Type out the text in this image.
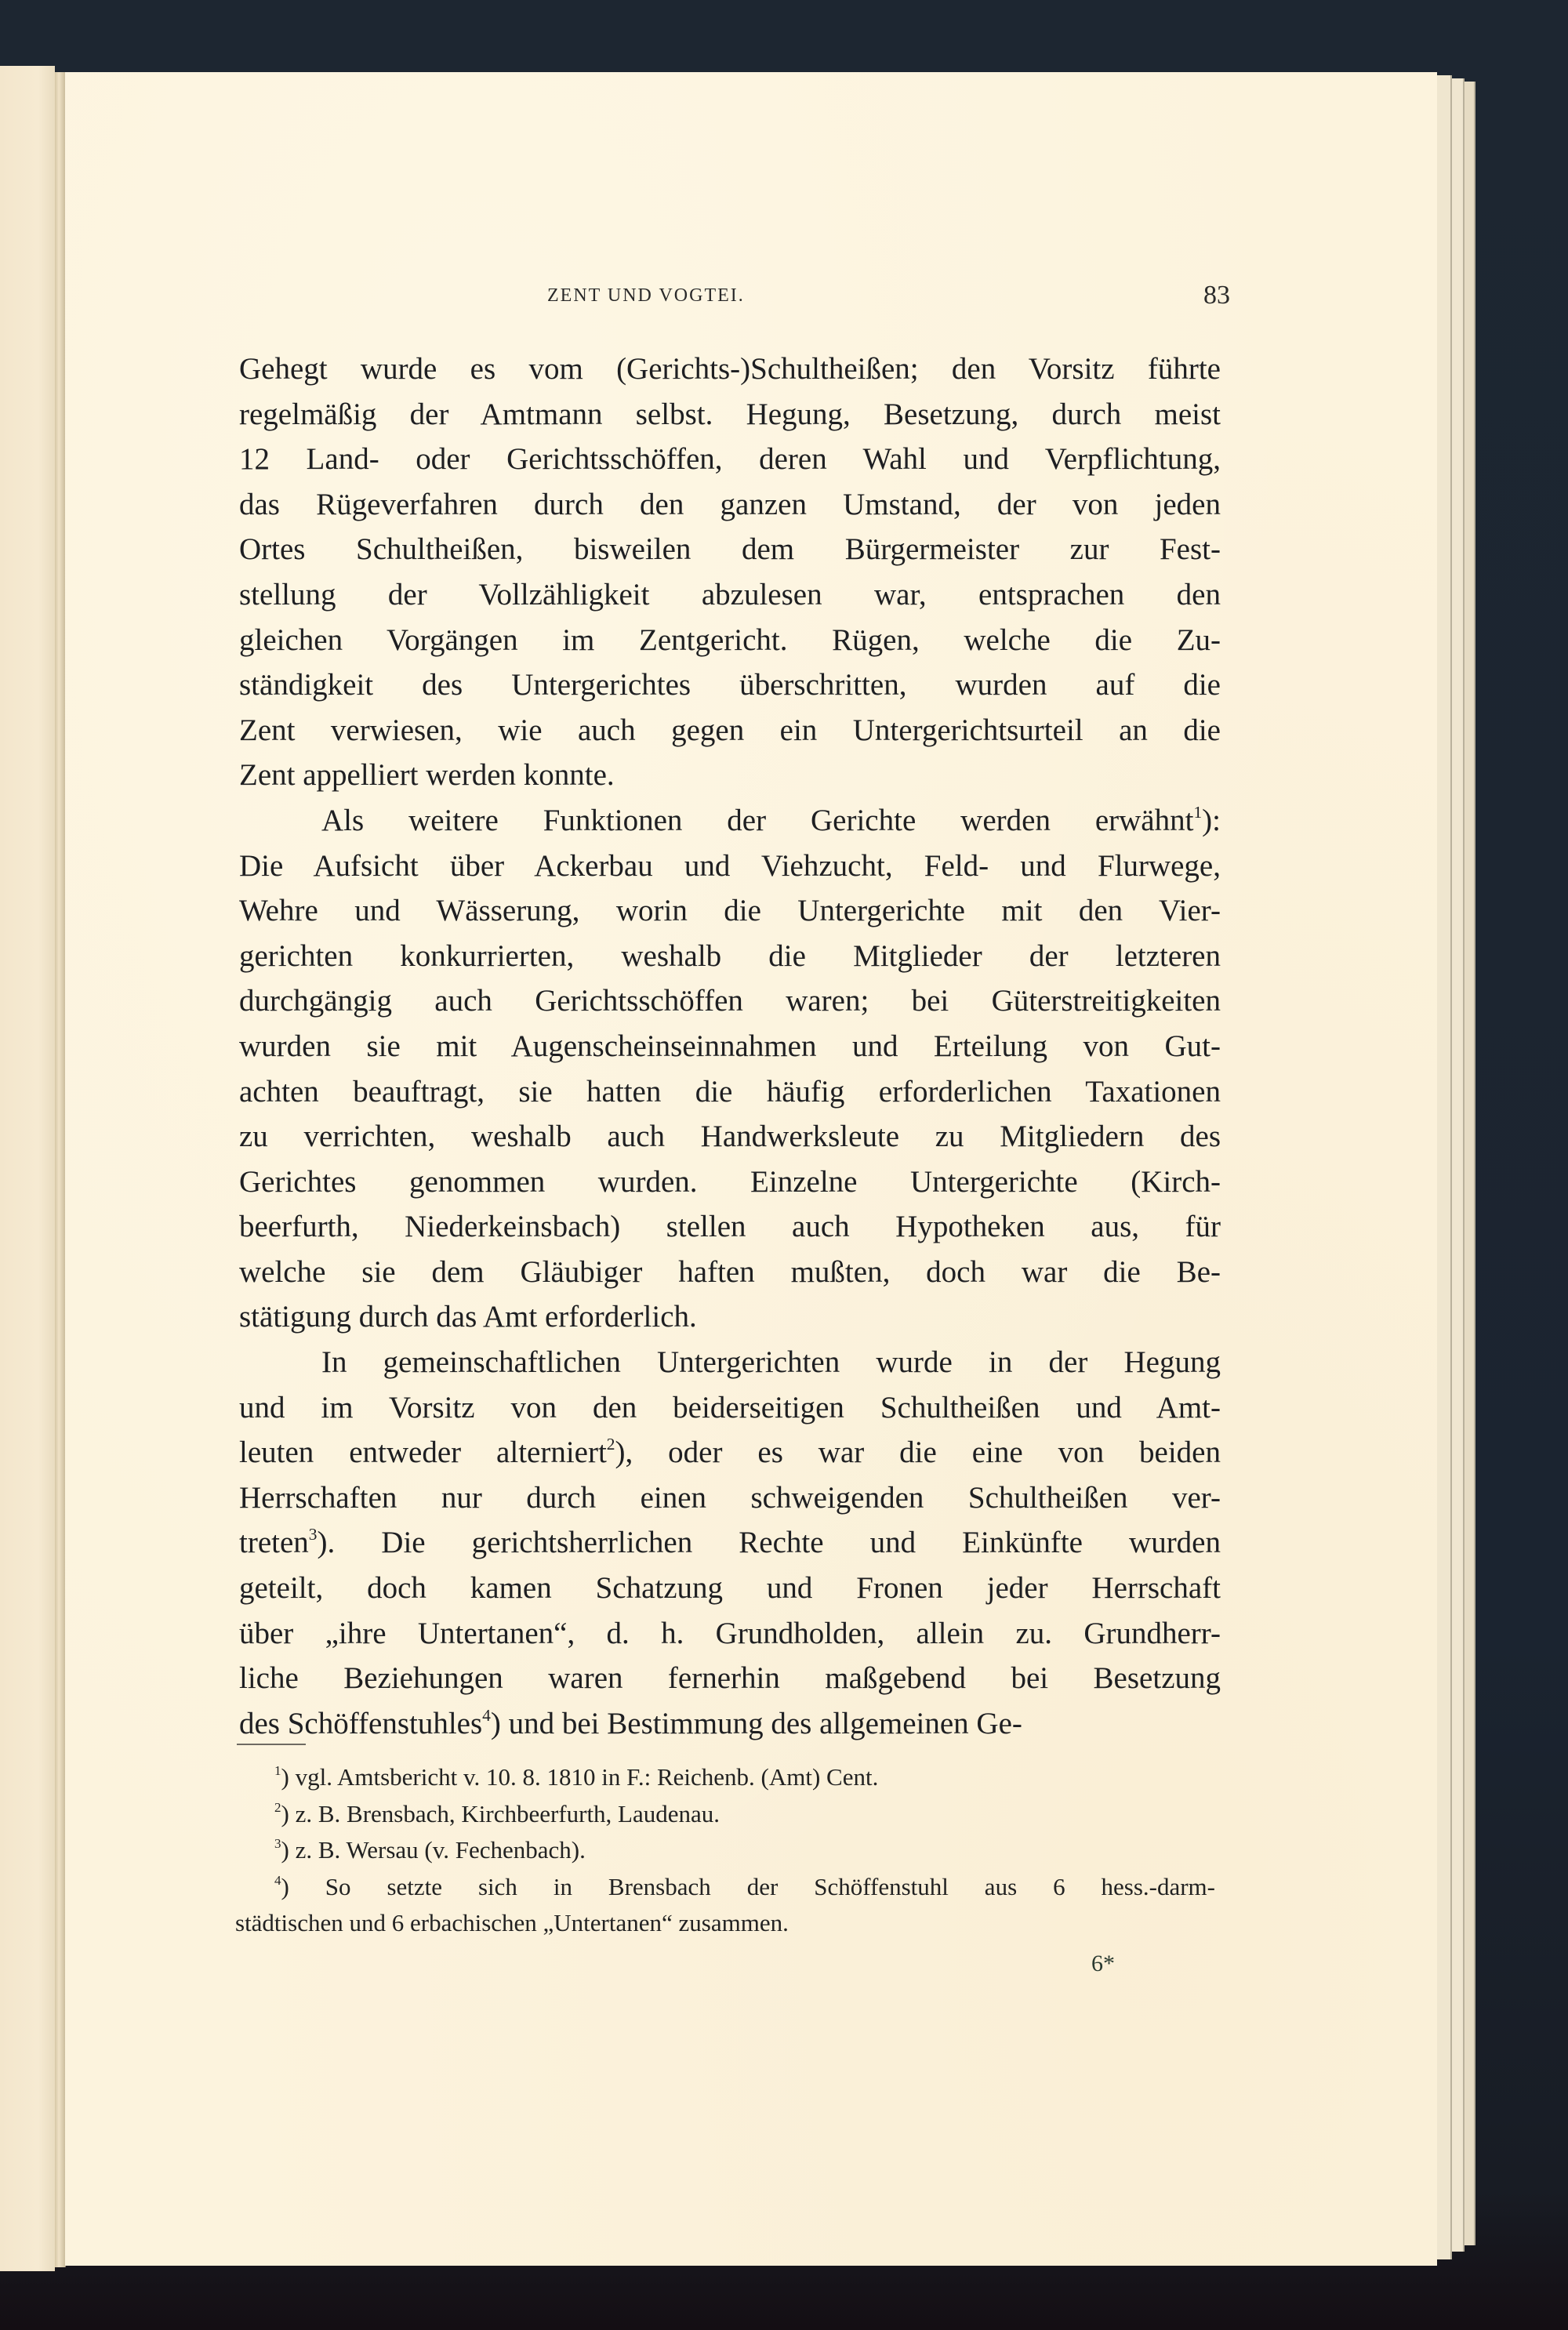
ZENT UND VOGTEI.	83
Gehegt wurde es vom (Gerichts-)Schultheißen; den Vorsitz führte
regelmäßig der Amtmann selbst. Hegung, Besetzung, durch meist
12 Land- oder Gerichtsschöffen, deren Wahl und Verpflichtung,
das Rügeverfahren durch den ganzen Umstand, der von jeden
Ortes Schultheißen, bisweilen dem Bürgermeister zur Fest-
stellung der Vollzähligkeit abzulesen war, entsprachen den
gleichen Vorgängen im Zentgericht. Rügen, welche die Zu-
ständigkeit des Untergerichtes überschritten, wurden auf die
Zent verwiesen, wie auch gegen ein Untergerichtsurteil an die
Zent appelliert werden konnte.
Als weitere Funktionen der Gerichte werden erwähnt$^1$):
Die Aufsicht über Ackerbau und Viehzucht, Feld- und Flurwege,
Wehre und Wässerung, worin die Untergerichte mit den Vier-
gerichten konkurrierten, weshalb die Mitglieder der letzteren
durchgängig auch Gerichtsschöffen waren; bei Güterstreitigkeiten
wurden sie mit Augenscheinseinnahmen und Erteilung von Gut-
achten beauftragt, sie hatten die häufig erforderlichen Taxationen
zu verrichten, weshalb auch Handwerksleute zu Mitgliedern des
Gerichtes genommen wurden. Einzelne Untergerichte (Kirch-
beerfurth, Niederkeinsbach) stellen auch Hypotheken aus, für
welche sie dem Gläubiger haften mußten, doch war die Be-
stätigung durch das Amt erforderlich.
In gemeinschaftlichen Untergerichten wurde in der Hegung
und im Vorsitz von den beiderseitigen Schultheißen und Amt-
leuten entweder alterniert$^2$), oder es war die eine von beiden
Herrschaften nur durch einen schweigenden Schultheißen ver-
treten$^3$). Die gerichtsherrlichen Rechte und Einkünfte wurden
geteilt, doch kamen Schatzung und Fronen jeder Herrschaft
über „ihre Untertanen“, d. h. Grundholden, allein zu. Grundherr-
liche Beziehungen waren fernerhin maßgebend bei Besetzung
des Schöffenstuhles$^4$) und bei Bestimmung des allgemeinen Ge-
$^1$) vgl. Amtsbericht v. 10. 8. 1810 in F.: Reichenb. (Amt) Cent.
$^2$) z. B. Brensbach, Kirchbeerfurth, Laudenau.
$^3$) z. B. Wersau (v. Fechenbach).
$^4$) So setzte sich in Brensbach der Schöffenstuhl aus 6 hess.-darm-
städtischen und 6 erbachischen „Untertanen“ zusammen.
6*
